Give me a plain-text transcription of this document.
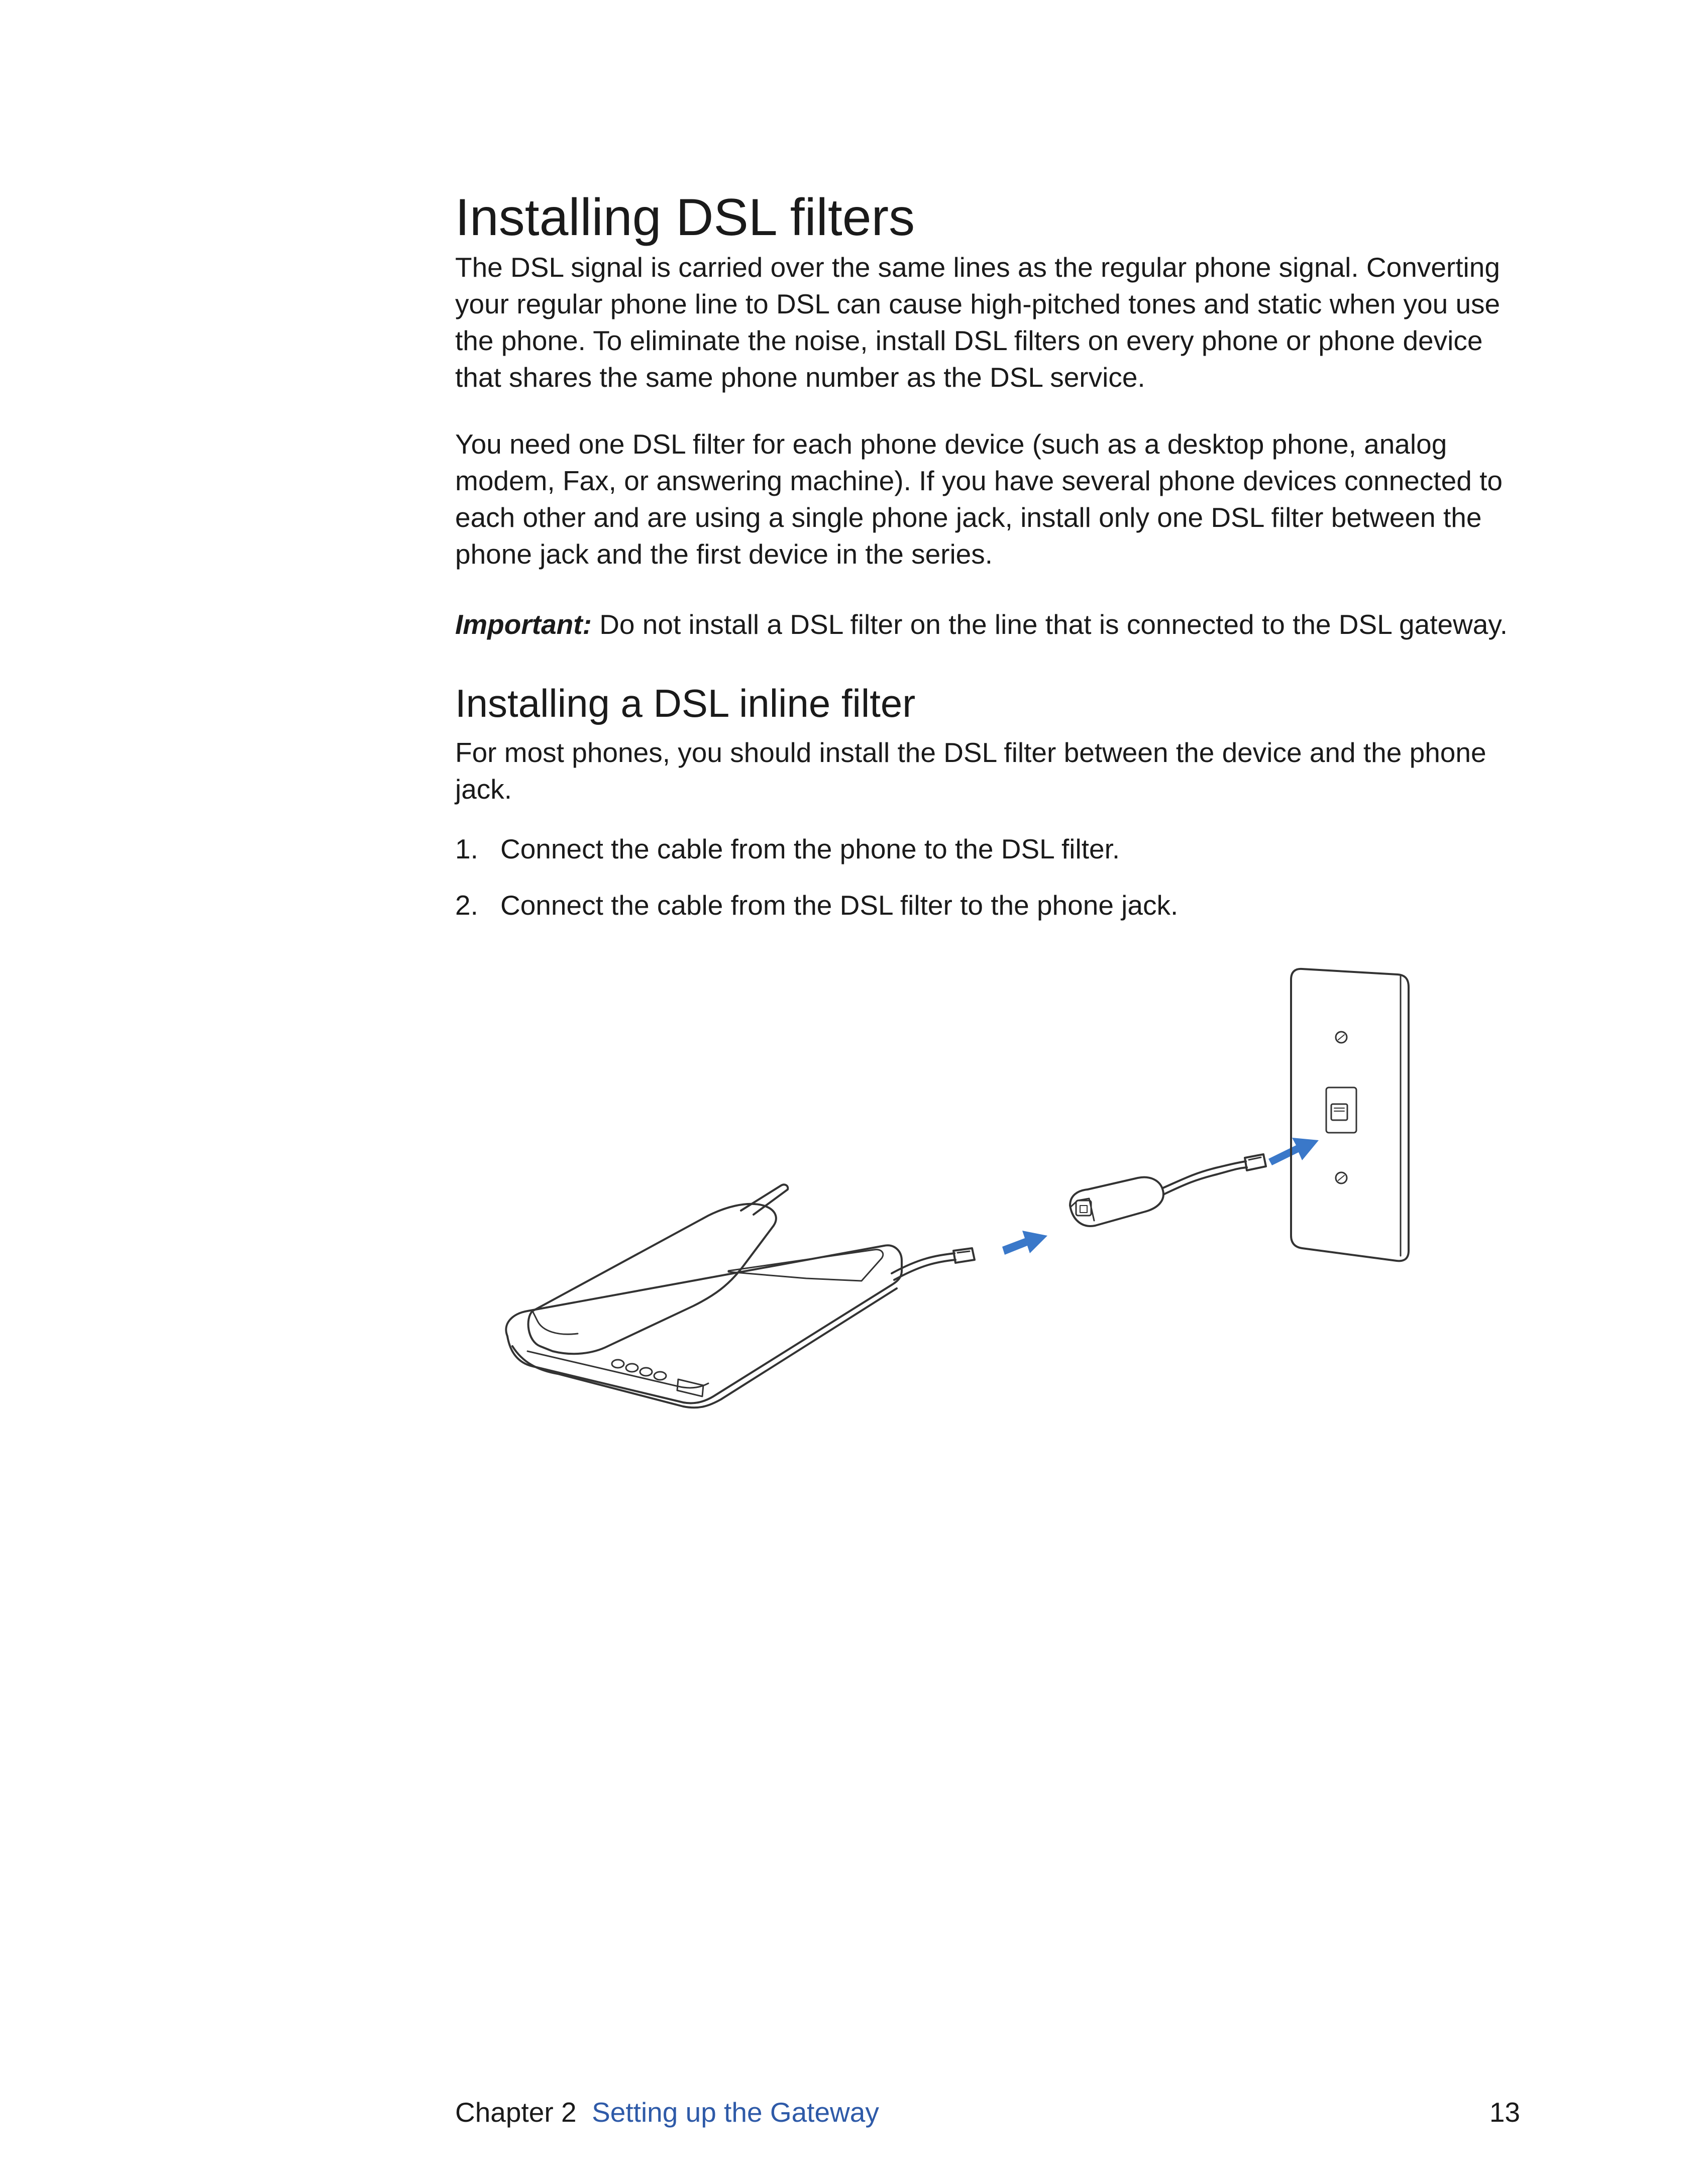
Installing DSL filters

The DSL signal is carried over the same lines as the regular phone signal. Converting your regular phone line to DSL can cause high-pitched tones and static when you use the phone. To eliminate the noise, install DSL filters on every phone or phone device that shares the same phone number as the DSL service.

You need one DSL filter for each phone device (such as a desktop phone, analog modem, Fax, or answering machine). If you have several phone devices connected to each other and are using a single phone jack, install only one DSL filter between the phone jack and the first device in the series.

Important: Do not install a DSL filter on the line that is connected to the DSL gateway.

Installing a DSL inline filter

For most phones, you should install the DSL filter between the device and the phone jack.

1. Connect the cable from the phone to the DSL filter.
2. Connect the cable from the DSL filter to the phone jack.
Chapter 2 Setting up the Gateway	13
